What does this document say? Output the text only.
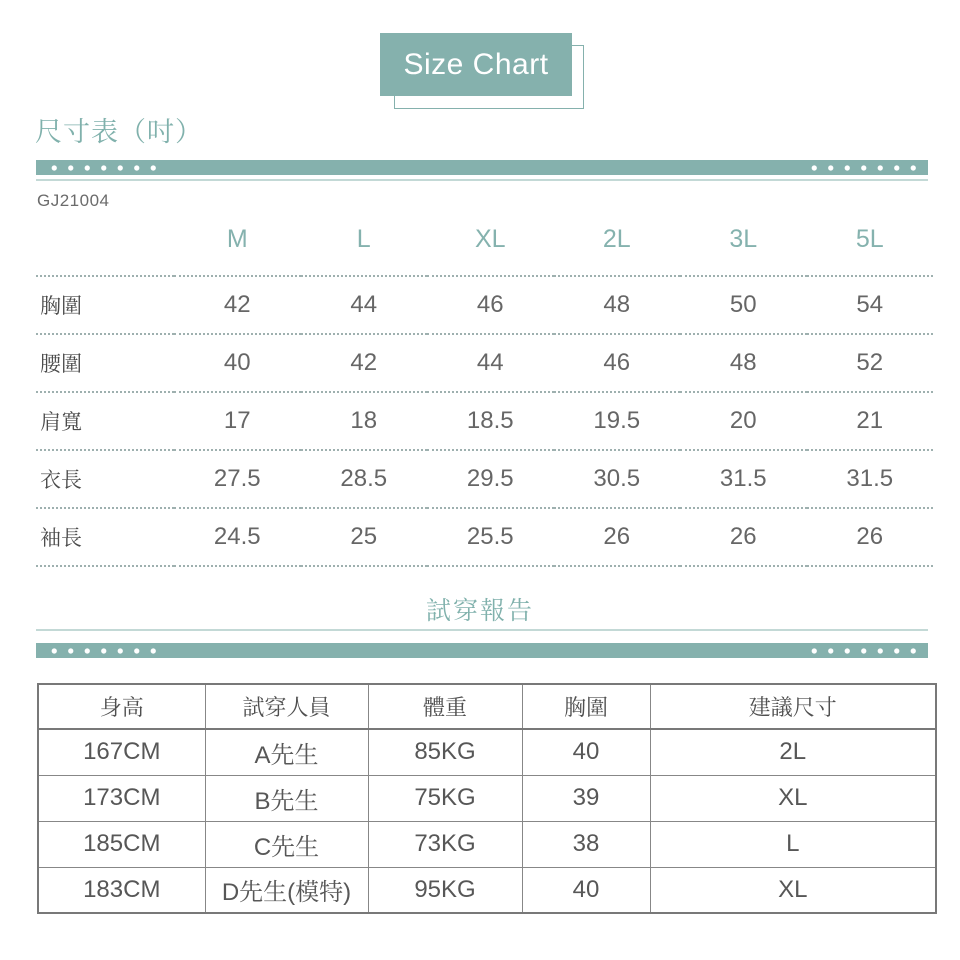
Size Chart
尺寸表（吋）
GJ21004
	M	L	XL	2L	3L	5L
胸圍	42	44	46	48	50	54
腰圍	40	42	44	46	48	52
肩寬	17	18	18.5	19.5	20	21
衣長	27.5	28.5	29.5	30.5	31.5	31.5
袖長	24.5	25	25.5	26	26	26
試穿報告
身高	試穿人員	體重	胸圍	建議尺寸
167CM	A先生	85KG	40	2L
173CM	B先生	75KG	39	XL
185CM	C先生	73KG	38	L
183CM	D先生(模特)	95KG	40	XL
